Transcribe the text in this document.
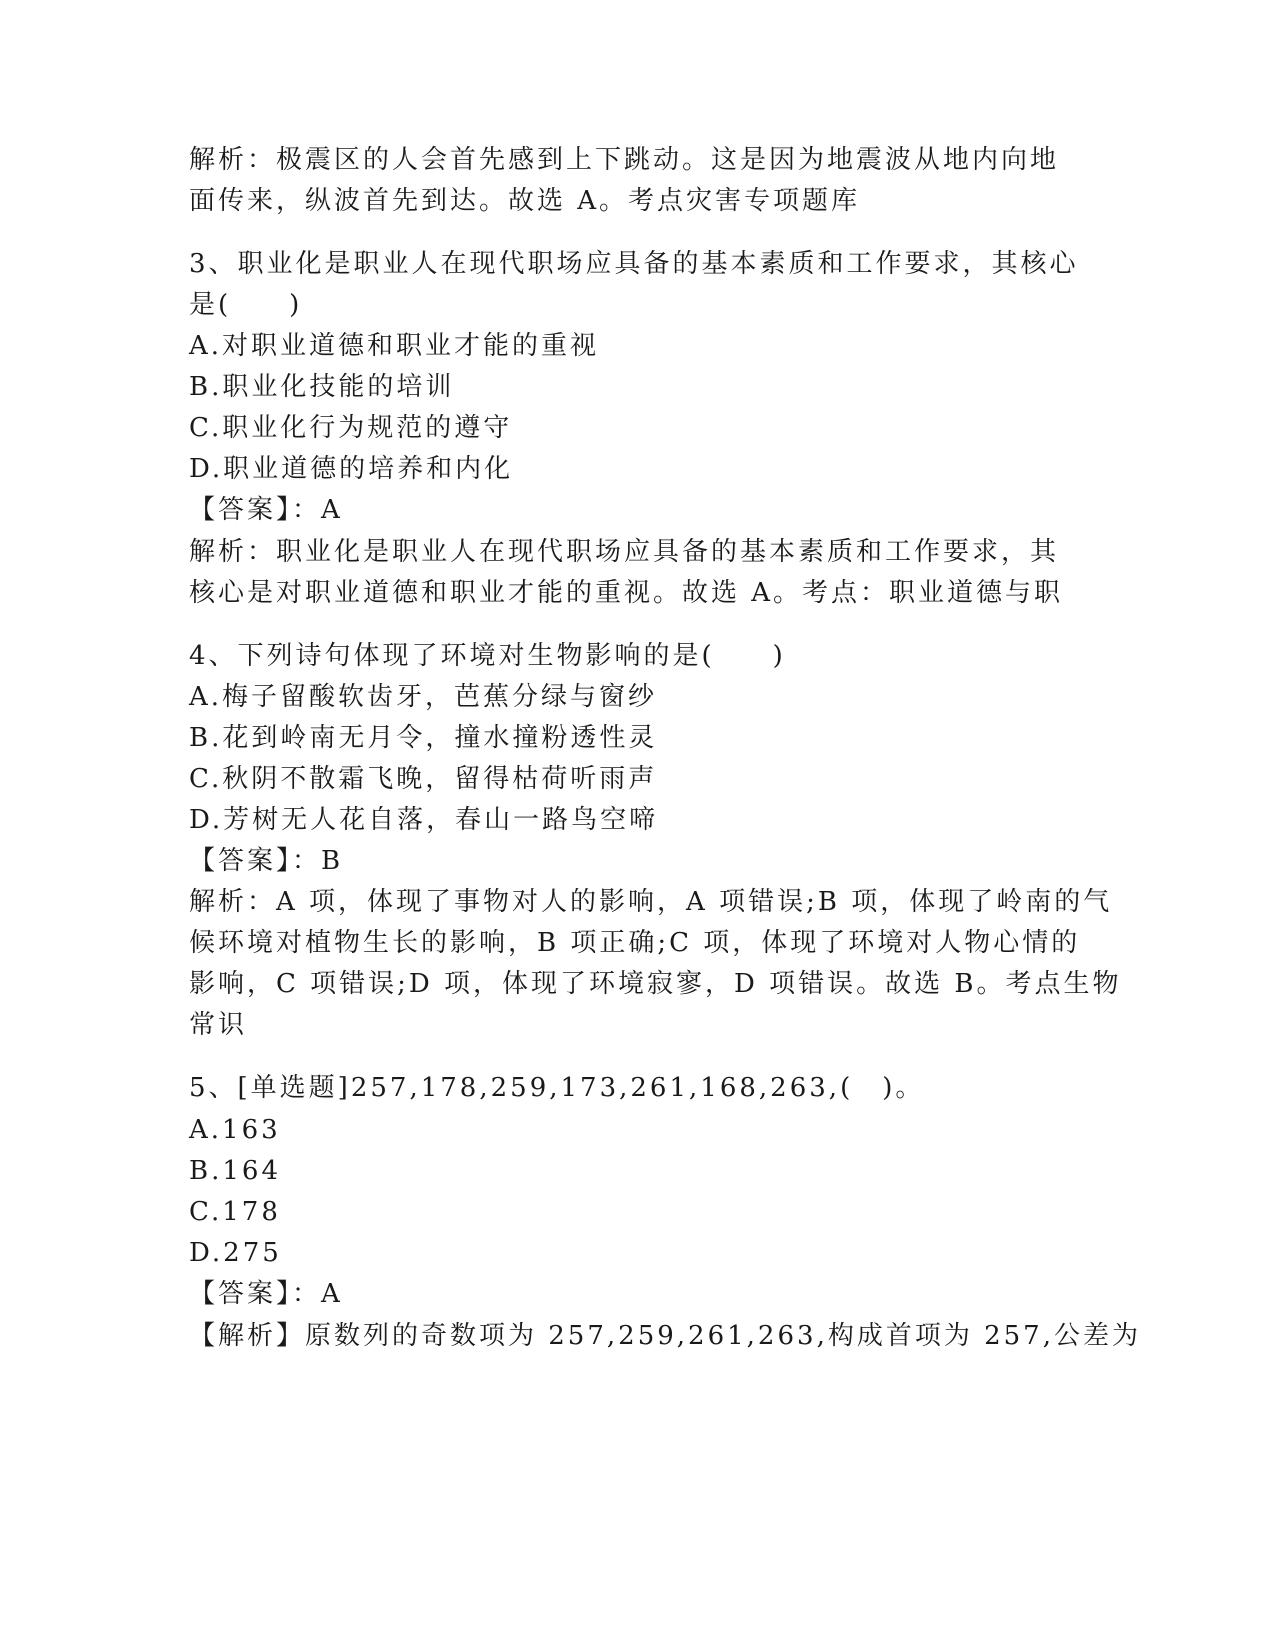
解析：极震区的人会首先感到上下跳动。这是因为地震波从地内向地
面传来，纵波首先到达。故选 A。考点灾害专项题库
3、职业化是职业人在现代职场应具备的基本素质和工作要求，其核心
是(　　)
A.对职业道德和职业才能的重视
B.职业化技能的培训
C.职业化行为规范的遵守
D.职业道德的培养和内化
【答案】：A
解析：职业化是职业人在现代职场应具备的基本素质和工作要求，其
核心是对职业道德和职业才能的重视。故选 A。考点：职业道德与职
4、下列诗句体现了环境对生物影响的是(　　)
A.梅子留酸软齿牙，芭蕉分绿与窗纱
B.花到岭南无月令，撞水撞粉透性灵
C.秋阴不散霜飞晚，留得枯荷听雨声
D.芳树无人花自落，春山一路鸟空啼
【答案】：B
解析：A 项，体现了事物对人的影响，A 项错误;B 项，体现了岭南的气
候环境对植物生长的影响，B 项正确;C 项，体现了环境对人物心情的
影响，C 项错误;D 项，体现了环境寂寥，D 项错误。故选 B。考点生物
常识
5、[单选题]257,178,259,173,261,168,263,(　)。
A.163
B.164
C.178
D.275
【答案】：A
【解析】原数列的奇数项为 257,259,261,263,构成首项为 257,公差为
